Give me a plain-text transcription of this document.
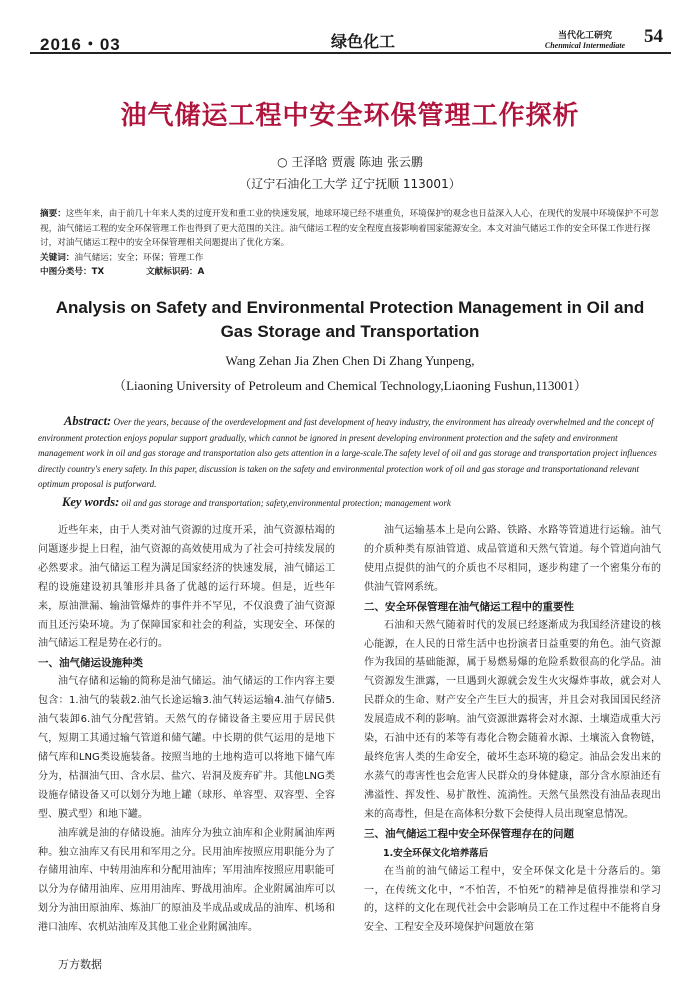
2016・03	绿色化工	当代化工研究
Chenmical Intermediate 54
油气储运工程中安全环保管理工作探析
○ 王泽晗 贾震 陈迪 张云鹏
（辽宁石油化工大学 辽宁抚顺 113001）
摘要：这些年来，由于前几十年来人类的过度开发和重工业的快速发展，地球环境已经不堪重负，环境保护的观念也日益深入人心，在现代的发展中环境保护不可忽视，油气储运工程的安全环保管理工作也得到了更大范围的关注。油气储运工程的安全程度直接影响着国家能源安全。本文对油气储运工作的安全环保工作进行探讨，对油气储运工程中的安全环保管理相关问题提出了优化方案。
关键词：油气储运；安全；环保；管理工作
中图分类号：TX	文献标识码：A
Analysis on Safety and Environmental Protection Management in Oil and Gas Storage and Transportation
Wang Zehan Jia Zhen Chen Di Zhang Yunpeng,
（Liaoning University of Petroleum and Chemical Technology,Liaoning Fushun,113001）
Abstract: Over the years, because of the overdevelopment and fast development of heavy industry, the environment has already overwhelmed and the concept of environment protection enjoys popular support gradually, which cannot be ignored in present developing environment protection and the safety and environment management work in oil and gas storage and transportation also gets attention in a large-scale.The safety level of oil and gas storage and transportation project influences directly country's enery safety. In this paper, discussion is taken on the safety and environmental protection work of oil and gas storage and transportationand relevant optimum proposal is putforward.
Key words: oil and gas storage and transportation; safety,environmental protection; management work

近些年来，由于人类对油气资源的过度开采，油气资源枯竭的问题逐步提上日程，油气资源的高效使用成为了社会可持续发展的必然要求。油气储运工程为满足国家经济的快速发展，油气储运工程的设施建设初具雏形并具备了优越的运行环境。但是，近些年来，原油泄漏、输油管爆炸的事件并不罕见，不仅浪费了油气资源而且还污染环境。为了保障国家和社会的利益，实现安全、环保的油气储运工程是势在必行的。

一、油气储运设施种类

油气存储和运输的简称是油气储运。油气储运的工作内容主要包含：1.油气的装载2.油气长途运输3.油气转运运输4.油气存储5.油气装卸6.油气分配营销。天然气的存储设备主要应用于居民供气，短期工其通过输气管道和储气罐。中长期的供气运用的是地下储气库和LNG类设施装备。按照当地的土地构造可以将地下储气库分为，枯涸油气田、含水层、盐穴、岩洞及废弃矿井。其他LNG类设施存储设备又可以划分为地上罐（球形、单容型、双容型、全容型、膜式型）和地下罐。

油库就是油的存储设施。油库分为独立油库和企业附属油库两种。独立油库又有民用和军用之分。民用油库按照应用职能分为了存储用油库、中转用油库和分配用油库；军用油库按照应用职能可以分为存储用油库、应用用油库、野战用油库。企业附属油库可以划分为油田原油库、炼油厂的原油及半成品或成品的油库、机场和港口油库、农机站油库及其他工业企业附属油库。

油气运输基本上是向公路、铁路、水路等管道进行运输。油气的介质种类有原油管道、成品管道和天然气管道。每个管道向油气使用点提供的油气的介质也不尽相同，逐步构建了一个密集分布的供油气管网系统。

二、安全环保管理在油气储运工程中的重要性

石油和天然气随着时代的发展已经逐渐成为我国经济建设的核心能源，在人民的日常生活中也扮演者日益重要的角色。油气资源作为我国的基础能源，属于易燃易爆的危险系数很高的化学品。油气资源发生泄露，一旦遇到火源就会发生火灾爆炸事故，就会对人民群众的生命、财产安全产生巨大的损害，并且会对我国国民经济发展造成不利的影响。油气资源泄露将会对水源、土壤造成重大污染，石油中还有的苯等有毒化合物会随着水源、土壤流入食物链，最终危害人类的生命安全，破坏生态环境的稳定。油品会发出来的水蒸气的毒害性也会危害人民群众的身体健康，部分含水原油还有沸溢性、挥发性、易扩散性、流淌性。天然气虽然没有油品表现出来的高毒性，但是在高体积分数下会使得人员出现窒息情况。

三、油气储运工程中安全环保管理存在的问题
1.安全环保文化培养落后

在当前的油气储运工程中，安全环保文化是十分落后的。第一，在传统文化中，“不怕苦，不怕死”的精神是值得推崇和学习的，这样的文化在现代社会中会影响员工在工作过程中不能将自身安全、工程安全及环境保护问题放在第

万方数据
